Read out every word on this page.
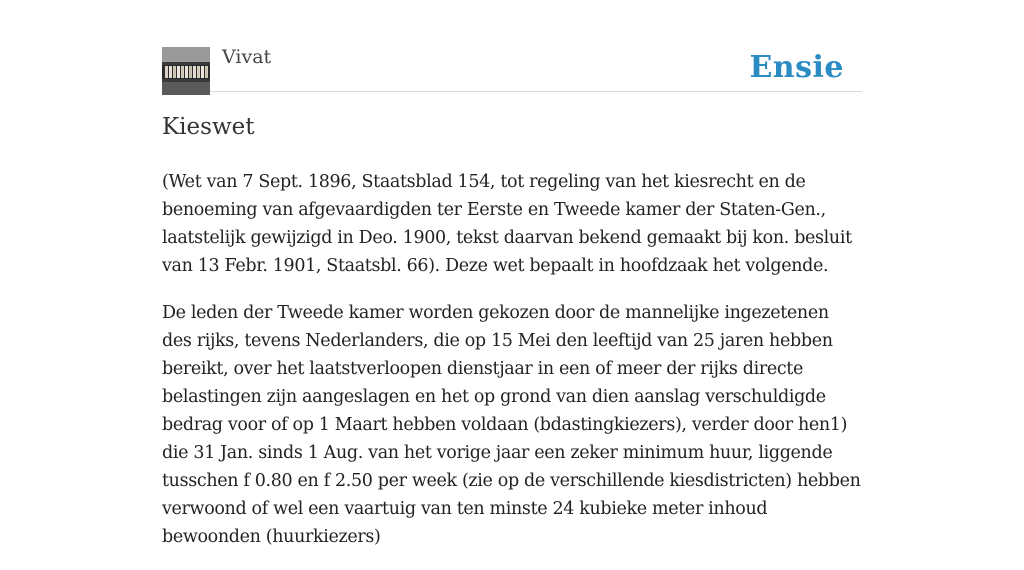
Vivat	Ensie
Kieswet

(Wet van 7 Sept. 1896, Staatsblad 154, tot regeling van het kiesrecht en de benoeming van afgevaardigden ter Eerste en Tweede kamer der Staten-Gen., laatstelijk gewijzigd in Deo. 1900, tekst daarvan bekend gemaakt bij kon. besluit van 13 Febr. 1901, Staatsbl. 66). Deze wet bepaalt in hoofdzaak het volgende.

De leden der Tweede kamer worden gekozen door de mannelijke ingezetenen des rijks, tevens Nederlanders, die op 15 Mei den leeftijd van 25 jaren hebben bereikt, over het laatstverloopen dienstjaar in een of meer der rijks directe belastingen zijn aangeslagen en het op grond van dien aanslag verschuldigde bedrag voor of op 1 Maart hebben voldaan (bdastingkiezers), verder door hen1) die 31 Jan. sinds 1 Aug. van het vorige jaar een zeker minimum huur, liggende tusschen f 0.80 en f 2.50 per week (zie op de verschillende kiesdistricten) hebben verwoond of wel een vaartuig van ten minste 24 kubieke meter inhoud bewoonden (huurkiezers)
